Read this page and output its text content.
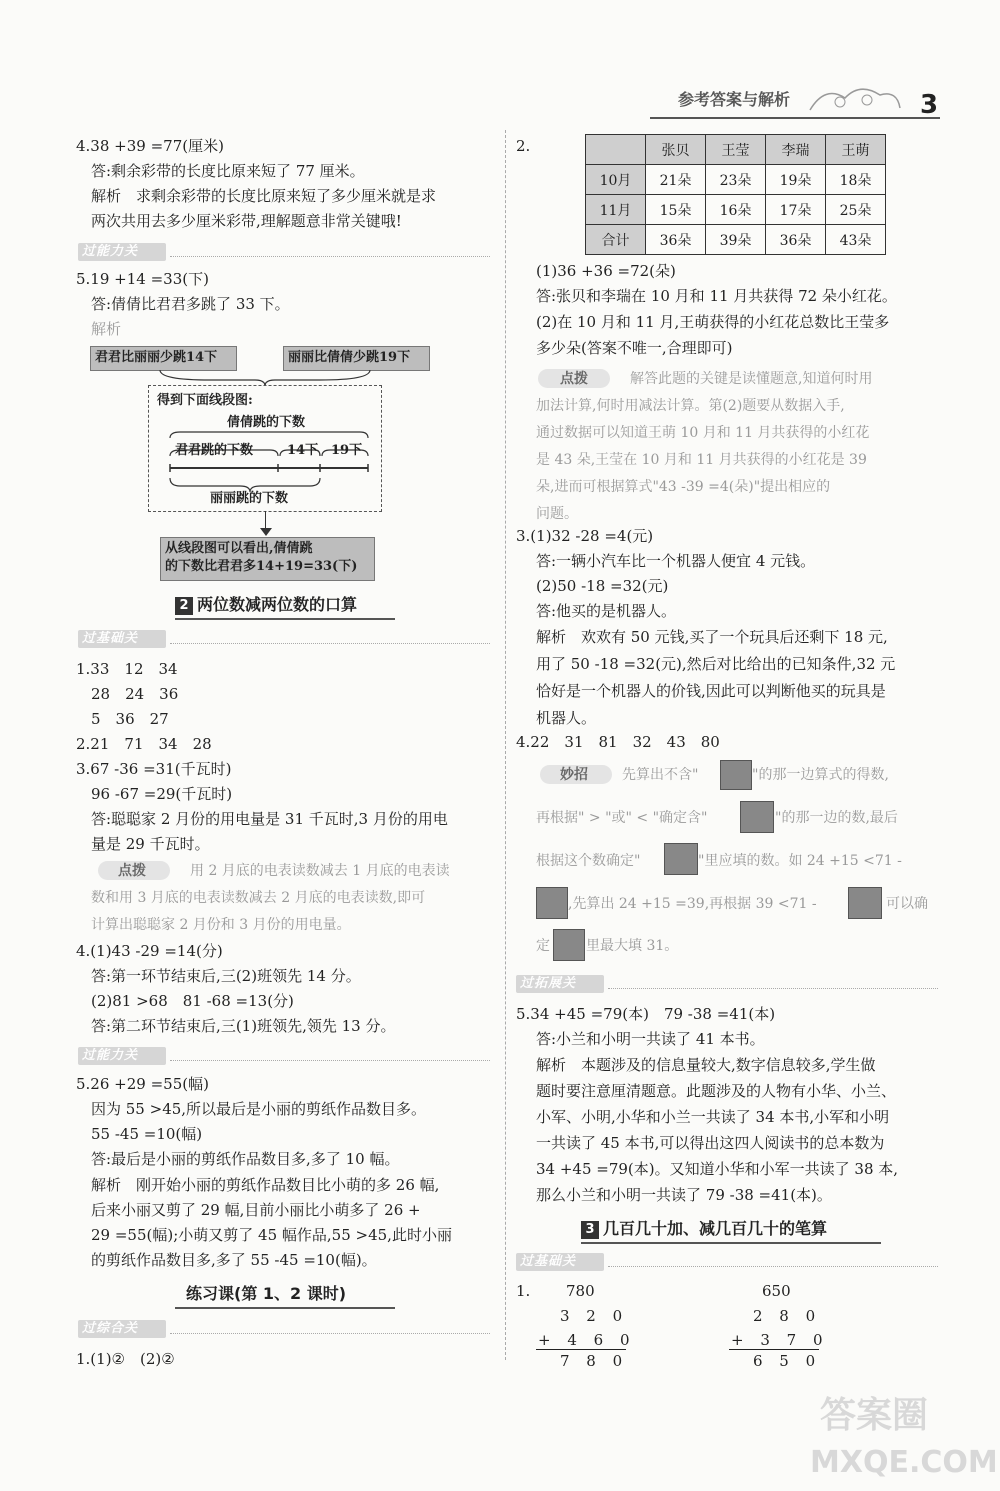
参考答案与解析	3
4.38 +39 =77(厘米)
答:剩余彩带的长度比原来短了 77 厘米。
解析　求剩余彩带的长度比原来短了多少厘米就是求
两次共用去多少厘米彩带,理解题意非常关键哦!
过能力关
5.19 +14 =33(下)
答:倩倩比君君多跳了 33 下。
解析
君君比丽丽少跳14下	丽丽比倩倩少跳19下
得到下面线段图:
倩倩跳的下数
君君跳的下数	14下 19下
丽丽跳的下数
从线段图可以看出,倩倩跳
的下数比君君多14+19=33(下)
2 两位数减两位数的口算
过基础关
1.33　12　34
28　24　36
5　36　27
2.21　71　34　28
3.67 -36 =31(千瓦时)
96 -67 =29(千瓦时)
答:聪聪家 2 月份的用电量是 31 千瓦时,3 月份的用电
量是 29 千瓦时。
点拨	用 2 月底的电表读数减去 1 月底的电表读
数和用 3 月底的电表读数减去 2 月底的电表读数,即可
计算出聪聪家 2 月份和 3 月份的用电量。
4.(1)43 -29 =14(分)
答:第一环节结束后,三(2)班领先 14 分。
(2)81 >68　81 -68 =13(分)
答:第二环节结束后,三(1)班领先,领先 13 分。
过能力关
5.26 +29 =55(幅)
因为 55 >45,所以最后是小丽的剪纸作品数目多。
55 -45 =10(幅)
答:最后是小丽的剪纸作品数目多,多了 10 幅。
解析　刚开始小丽的剪纸作品数目比小萌的多 26 幅,
后来小丽又剪了 29 幅,目前小丽比小萌多了 26 +
29 =55(幅);小萌又剪了 45 幅作品,55 >45,此时小丽
的剪纸作品数目多,多了 55 -45 =10(幅)。
练习课(第 1、2 课时)
过综合关
1.(1)②　(2)②
2.
		张贝	王莹	李瑞	王萌
10月	21朵	23朵	19朵	18朵
11月	15朵	16朵	17朵	25朵
合计	36朵	39朵	36朵	43朵
(1)36 +36 =72(朵)
答:张贝和李瑞在 10 月和 11 月共获得 72 朵小红花。
(2)在 10 月和 11 月,王萌获得的小红花总数比王莹多
多少朵(答案不唯一,合理即可)
点拨	解答此题的关键是读懂题意,知道何时用
加法计算,何时用减法计算。第(2)题要从数据入手,
通过数据可以知道王萌 10 月和 11 月共获得的小红花
是 43 朵,王莹在 10 月和 11 月共获得的小红花是 39
朵,进而可根据算式"43 -39 =4(朵)"提出相应的
问题。
3.(1)32 -28 =4(元)
答:一辆小汽车比一个机器人便宜 4 元钱。
(2)50 -18 =32(元)
答:他买的是机器人。
解析　欢欢有 50 元钱,买了一个玩具后还剩下 18 元,
用了 50 -18 =32(元),然后对比给出的已知条件,32 元
恰好是一个机器人的价钱,因此可以判断他买的玩具是
机器人。
4.22　31　81　32　43　80
妙招 先算出不含"	"的那一边算式的得数,
再根据" > "或" < "确定含"	"的那一边的数,最后
根据这个数确定"	"里应填的数。如 24 +15 <71 -
,先算出 24 +15 =39,再根据 39 <71 -	可以确
定	里最大填 31。
过拓展关
5.34 +45 =79(本)　79 -38 =41(本)
答:小兰和小明一共读了 41 本书。
解析　本题涉及的信息量较大,数字信息较多,学生做
题时要注意厘清题意。此题涉及的人物有小华、小兰、
小军、小明,小华和小兰一共读了 34 本书,小军和小明
一共读了 45 本书,可以得出这四人阅读书的总本数为
34 +45 =79(本)。又知道小华和小军一共读了 38 本,
那么小兰和小明一共读了 79 -38 =41(本)。
3 几百几十加、减几百几十的笔算
过基础关
1. 780
3 2 0
+ 4 6 0
7 8 0
650
2 8 0
+ 3 7 0
6 5 0
答案圈
MXQE.COM
